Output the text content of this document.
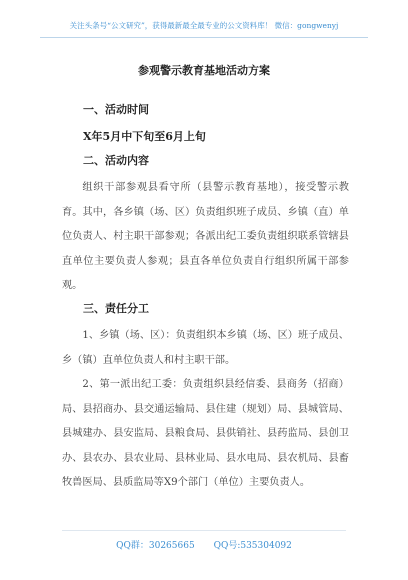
关注头条号“公文研究”，获得最新最全最专业的公文资料库！ 微信：gongwenyj
参观警示教育基地活动方案
一、活动时间
X年5月中下旬至6月上旬
二、活动内容
组织干部参观县看守所（县警示教育基地），接受警示教育。其中，各乡镇（场、区）负责组织班子成员、乡镇（直）单位负责人、村主职干部参观；各派出纪工委负责组织联系管辖县直单位主要负责人参观；县直各单位负责自行组织所属干部参观。
三、责任分工
1、乡镇（场、区）：负责组织本乡镇（场、区）班子成员、乡（镇）直单位负责人和村主职干部。
2、第一派出纪工委：负责组织县经信委、县商务（招商）局、县招商办、县交通运输局、县住建（规划）局、县城管局、县城建办、县安监局、县粮食局、县供销社、县药监局、县创卫办、县农办、县农业局、县林业局、县水电局、县农机局、县畜牧兽医局、县质监局等X9个部门（单位）主要负责人。
QQ群：30265665 QQ号:535304092
